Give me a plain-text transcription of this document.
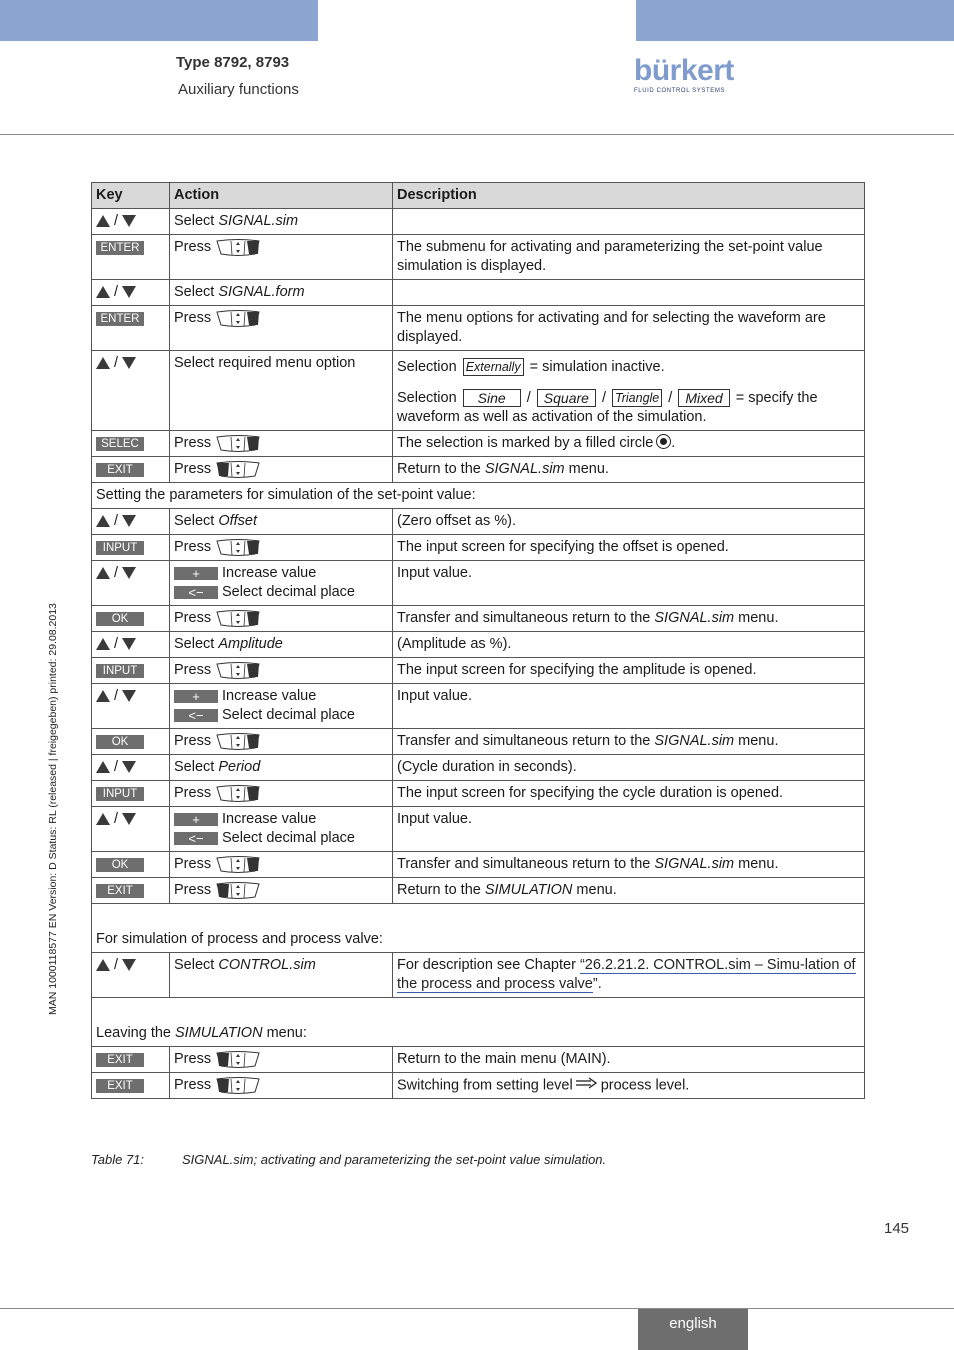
Type 8792, 8793
Auxiliary functions
bürkert
FLUID CONTROL SYSTEMS
MAN 1000118577 EN Version: D Status: RL (released | freigegeben) printed: 29.08.2013
Key	Action	Description
/	Select SIGNAL.sim	
ENTER	Press	The submenu for activating and parameterizing the set-point value simulation is displayed.
/	Select SIGNAL.form	
ENTER	Press	The menu options for activating and for selecting the waveform are displayed.
/	Select required menu option	Selection Externally = simulation inactive.
Selection Sine / Square / Triangle / Mixed = specify the waveform as well as activation of the simulation.

SELEC	Press	The selection is marked by a filled circle .
EXIT	Press	Return to the SIGNAL.sim menu.
Setting the parameters for simulation of the set-point value:		
/	Select Offset	(Zero offset as %).
INPUT	Press	The input screen for specifying the offset is opened.
/	+ Increase value
<− Select decimal place	Input value.
OK	Press	Transfer and simultaneous return to the SIGNAL.sim menu.
/	Select Amplitude	(Amplitude as %).
INPUT	Press	The input screen for specifying the amplitude is opened.
/	+ Increase value
<− Select decimal place	Input value.
OK	Press	Transfer and simultaneous return to the SIGNAL.sim menu.
/	Select Period	(Cycle duration in seconds).
INPUT	Press	The input screen for specifying the cycle duration is opened.
/	+ Increase value
<− Select decimal place	Input value.
OK	Press	Transfer and simultaneous return to the SIGNAL.sim menu.
EXIT	Press	Return to the SIMULATION menu.
For simulation of process and process valve:		
/	Select CONTROL.sim	For description see Chapter “26.2.21.2. CONTROL.sim – Simu-lation of the process and process valve”.
Leaving the SIMULATION menu:		
EXIT	Press	Return to the main menu (MAIN).
EXIT	Press	Switching from setting level process level.
Table 71:	SIGNAL.sim; activating and parameterizing the set-point value simulation.
145
english
